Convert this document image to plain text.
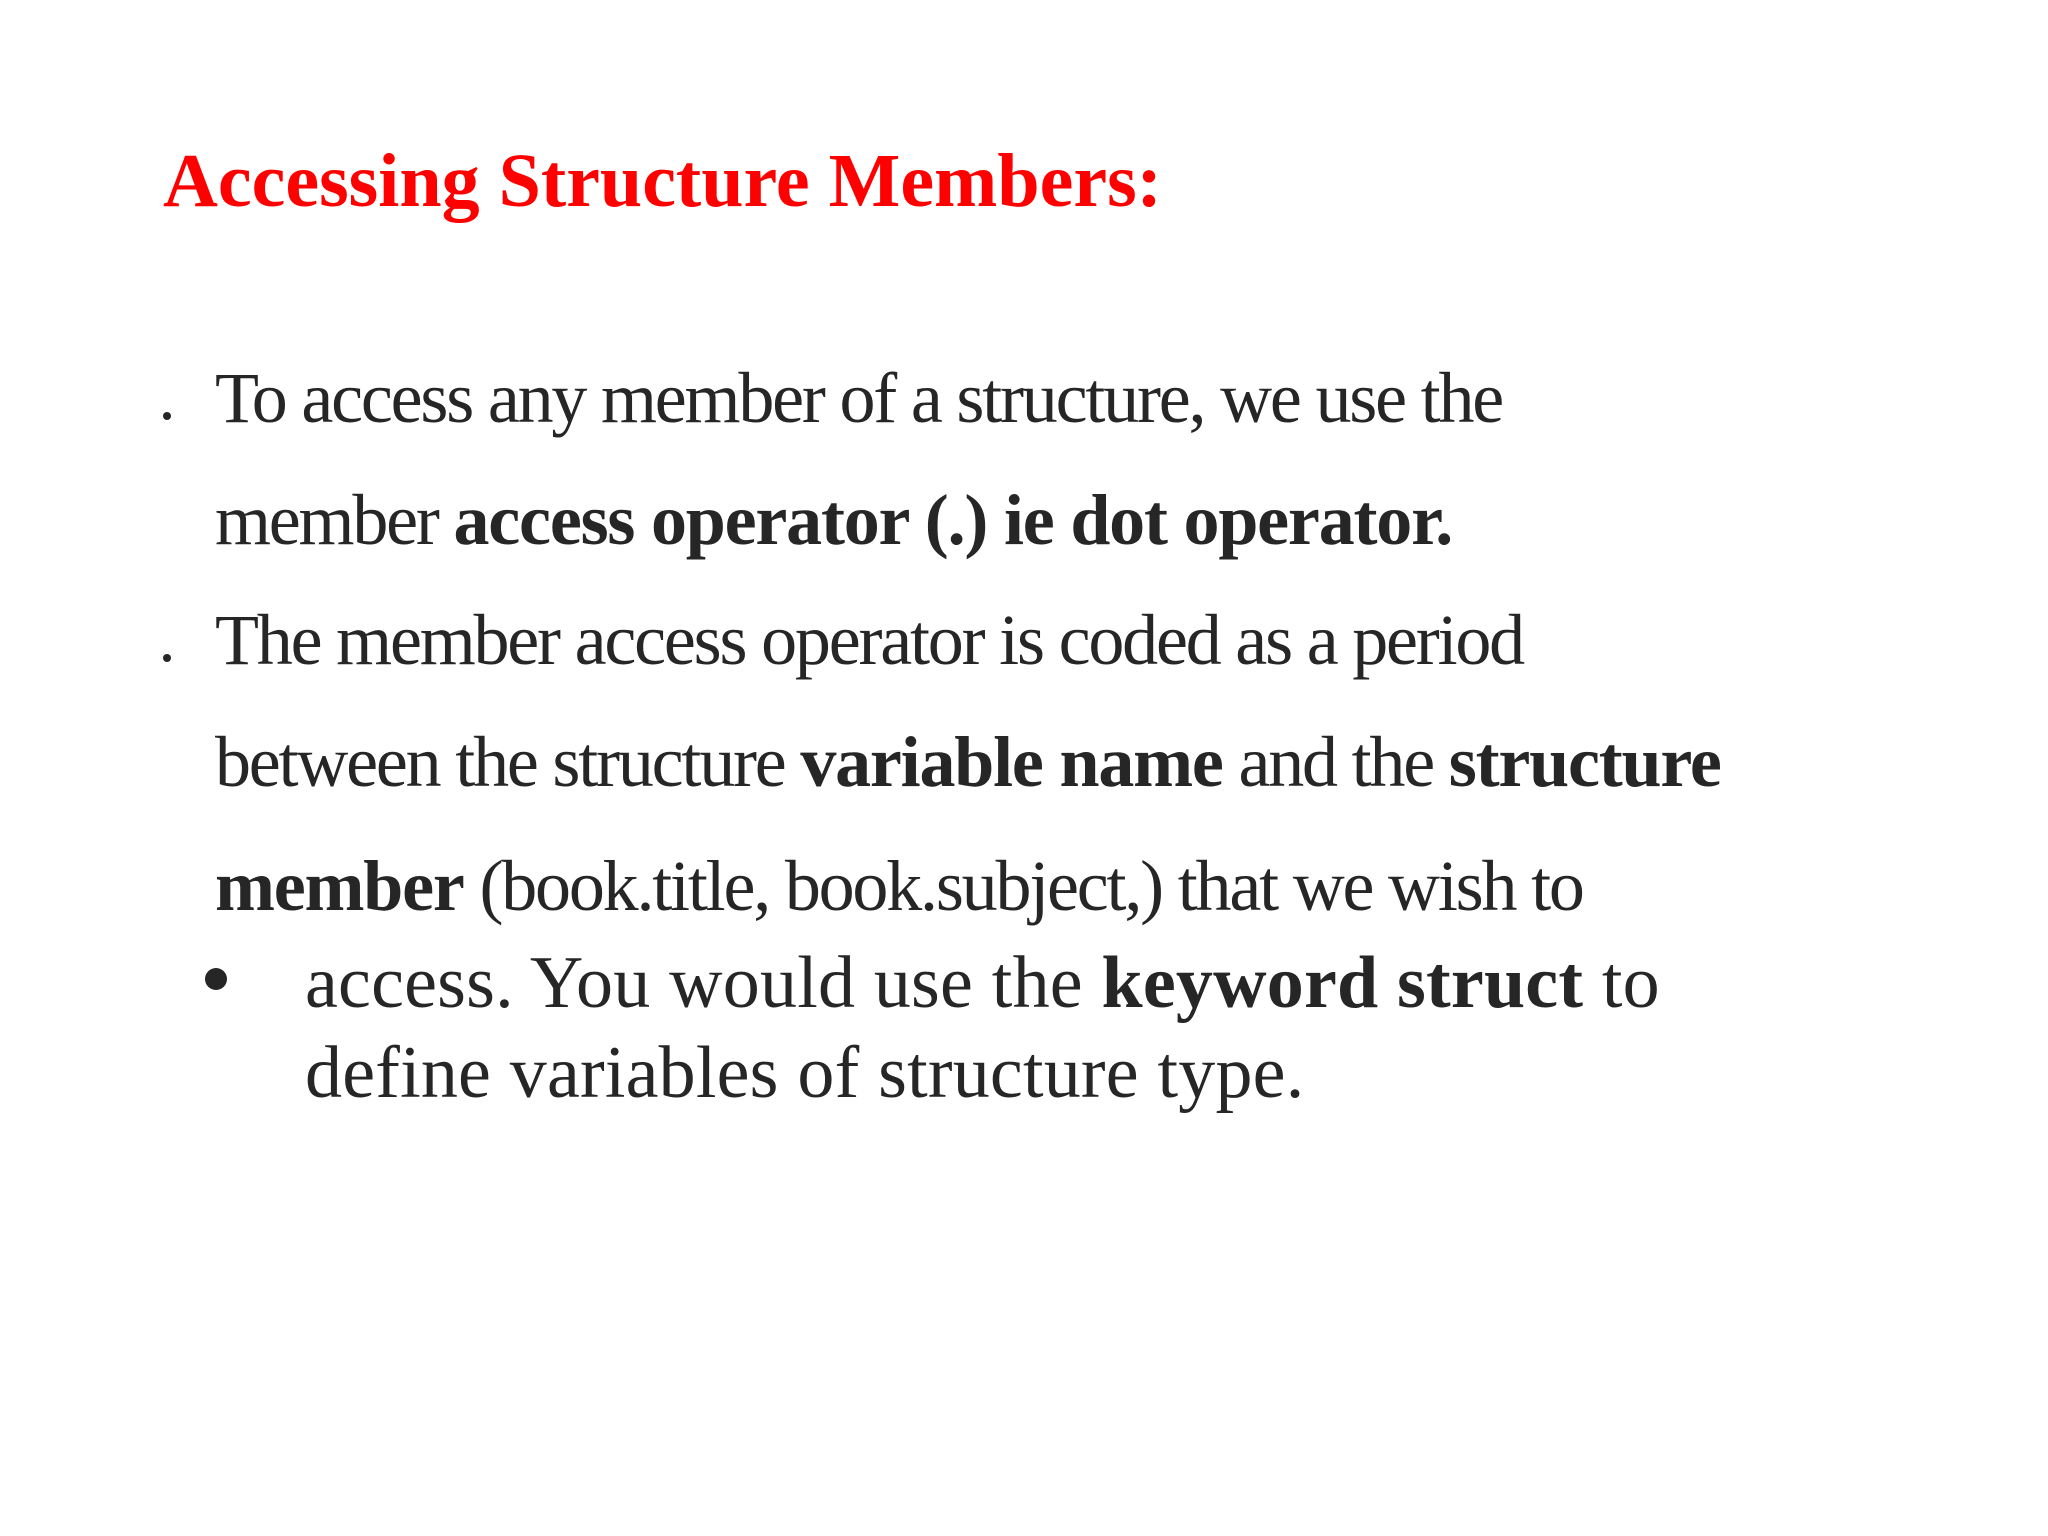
Accessing Structure Members:
To access any member of a structure, we use the
member access operator (.) ie dot operator.
The member access operator is coded as a period
between the structure variable name and the structure
member (book.title, book.subject,) that we wish to
access. You would use the keyword struct to
define variables of structure type.
